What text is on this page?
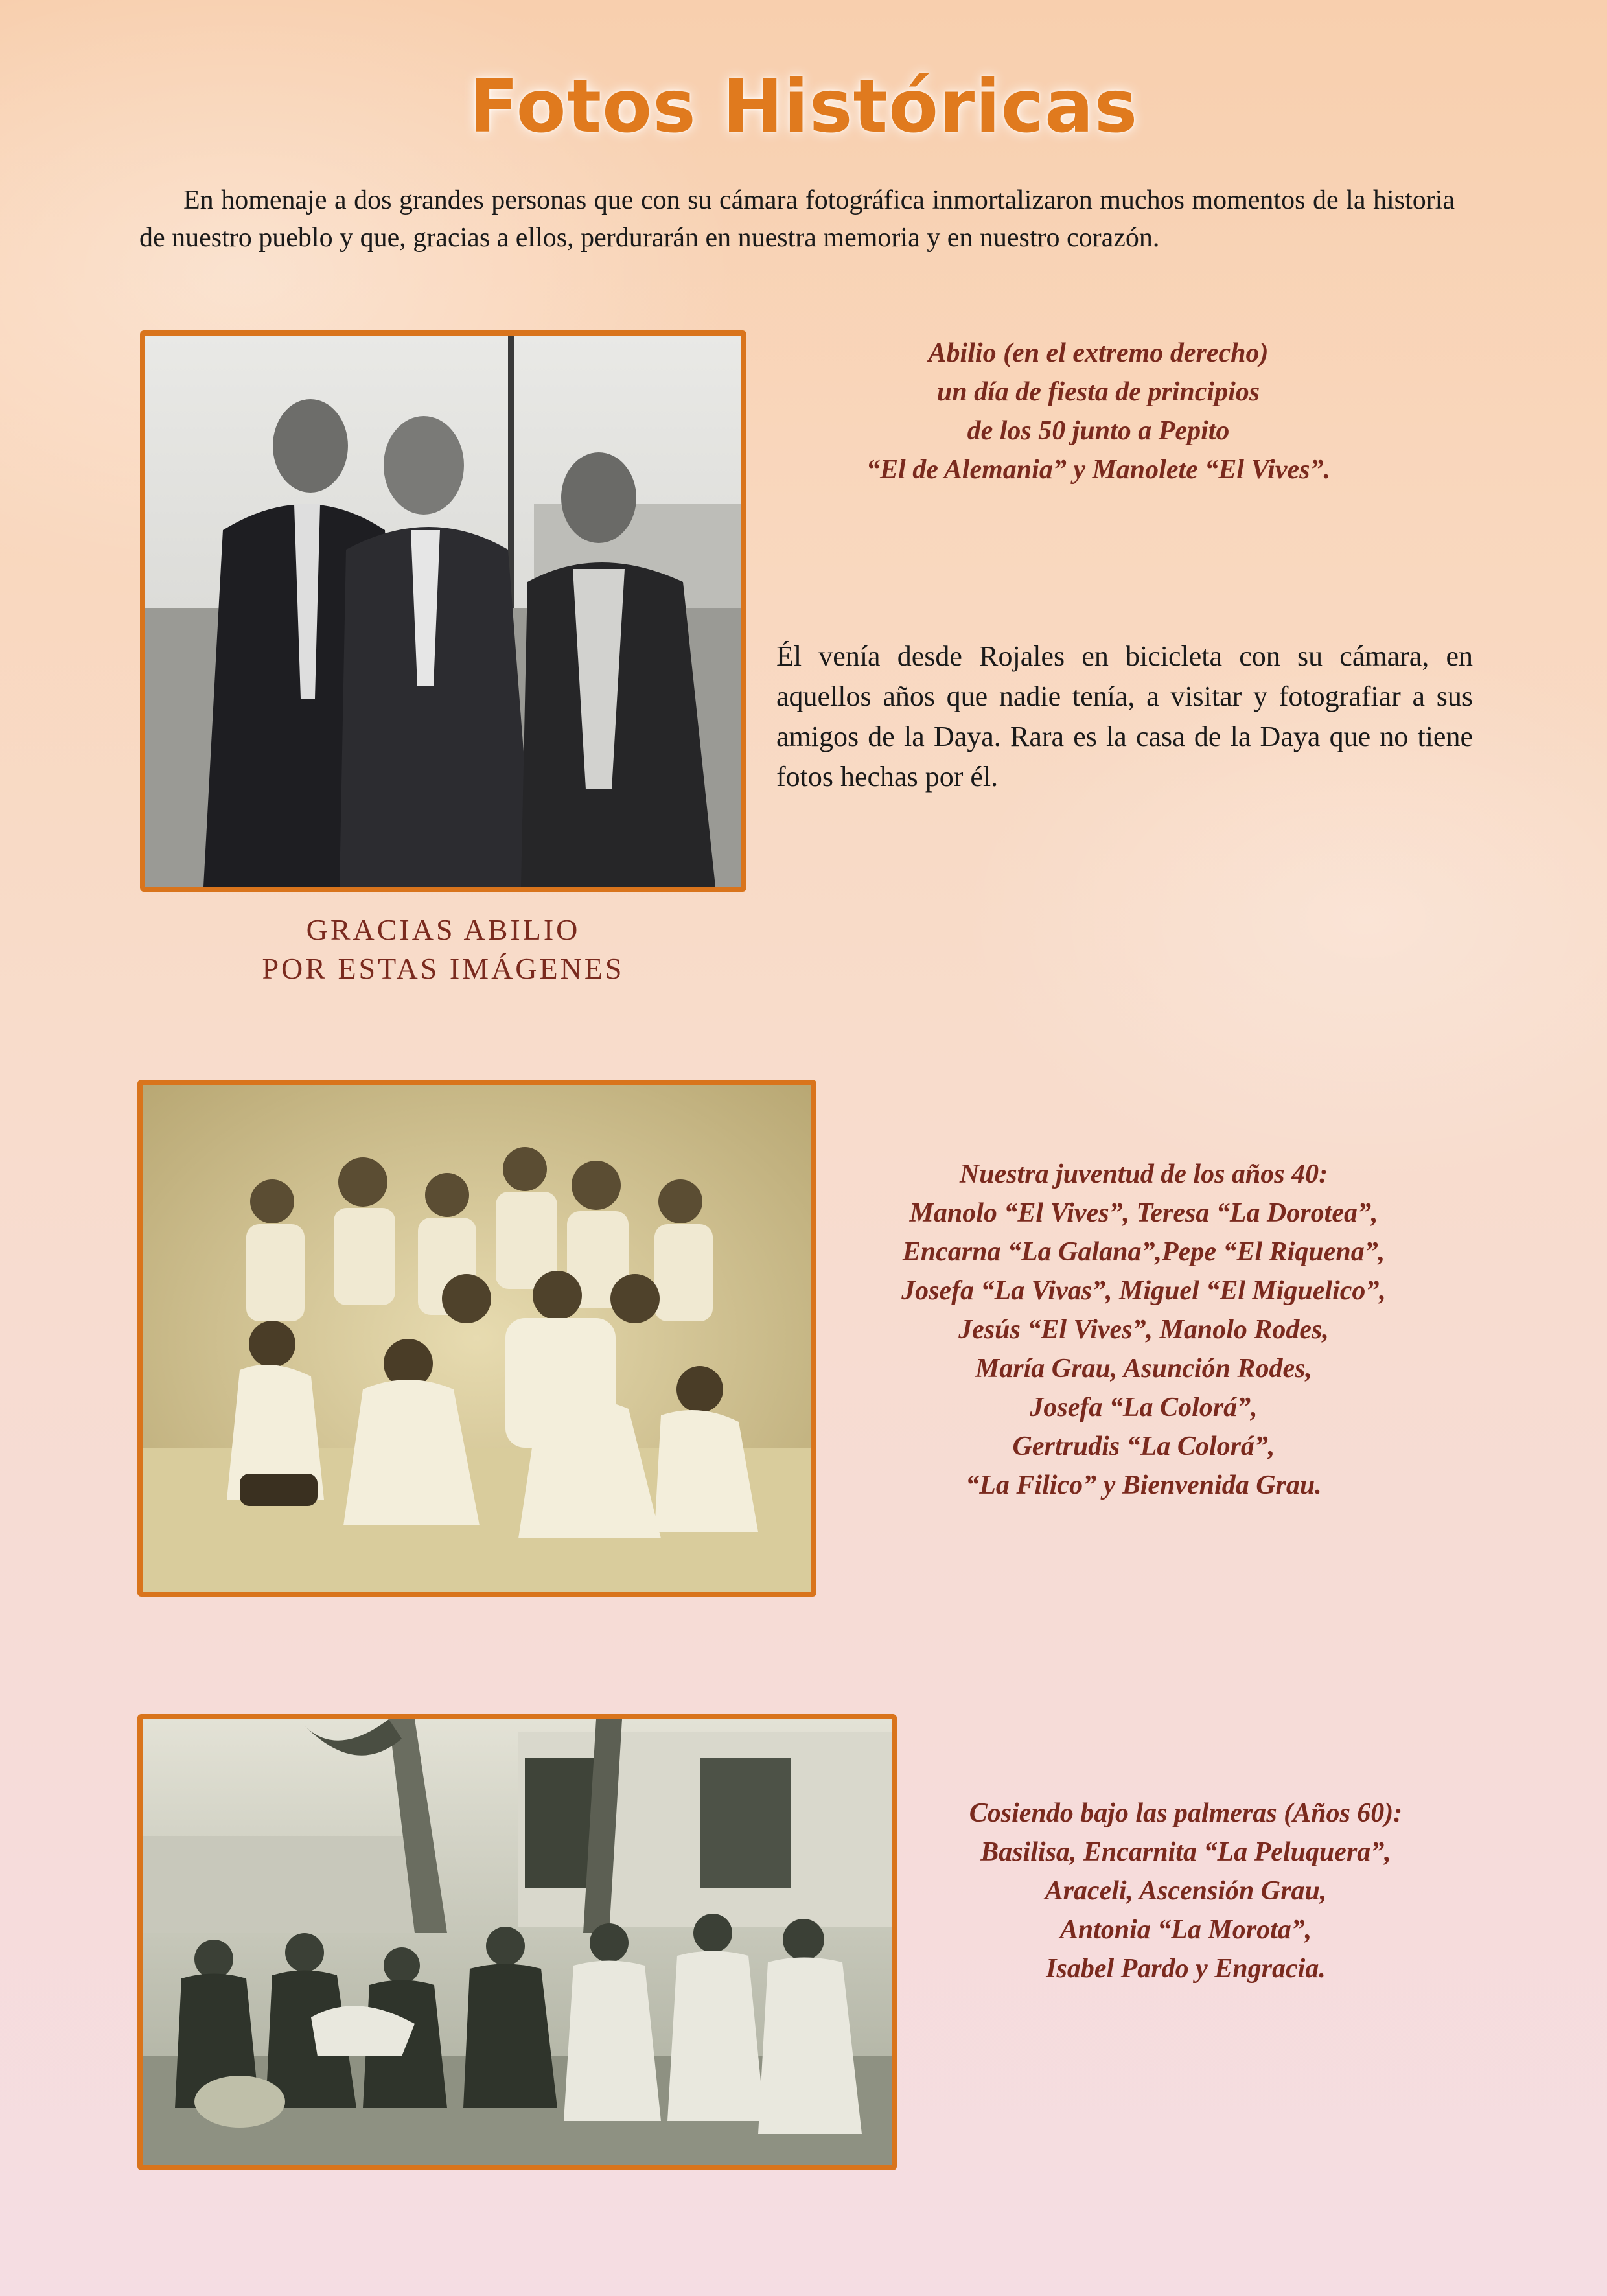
Fotos Históricas
En homenaje a dos grandes personas que con su cámara fotográfica inmortalizaron muchos momentos de la historia de nuestro pueblo y que, gracias a ellos, perdurarán en nuestra memoria y en nuestro corazón.
Abilio (en el extremo derecho)
un día de fiesta de principios
de los 50 junto a Pepito
“El de Alemania” y Manolete “El Vives”.
Él venía desde Rojales en bicicleta con su cámara, en aquellos años que nadie tenía, a visitar y fotografiar a sus amigos de la Daya. Rara es la casa de la Daya que no tiene fotos hechas por él.
GRACIAS ABILIO
POR ESTAS IMÁGENES
Nuestra juventud de los años 40:
Manolo “El Vives”, Teresa “La Dorotea”,
Encarna “La Galana”,Pepe “El Riquena”,
Josefa “La Vivas”, Miguel “El Miguelico”,
Jesús “El Vives”, Manolo Rodes,
María Grau, Asunción Rodes,
Josefa “La Colorá”,
Gertrudis “La Colorá”,
“La Filico” y Bienvenida Grau.
Cosiendo bajo las palmeras (Años 60):
Basilisa, Encarnita “La Peluquera”,
Araceli, Ascensión Grau,
Antonia “La Morota”,
Isabel Pardo y Engracia.
